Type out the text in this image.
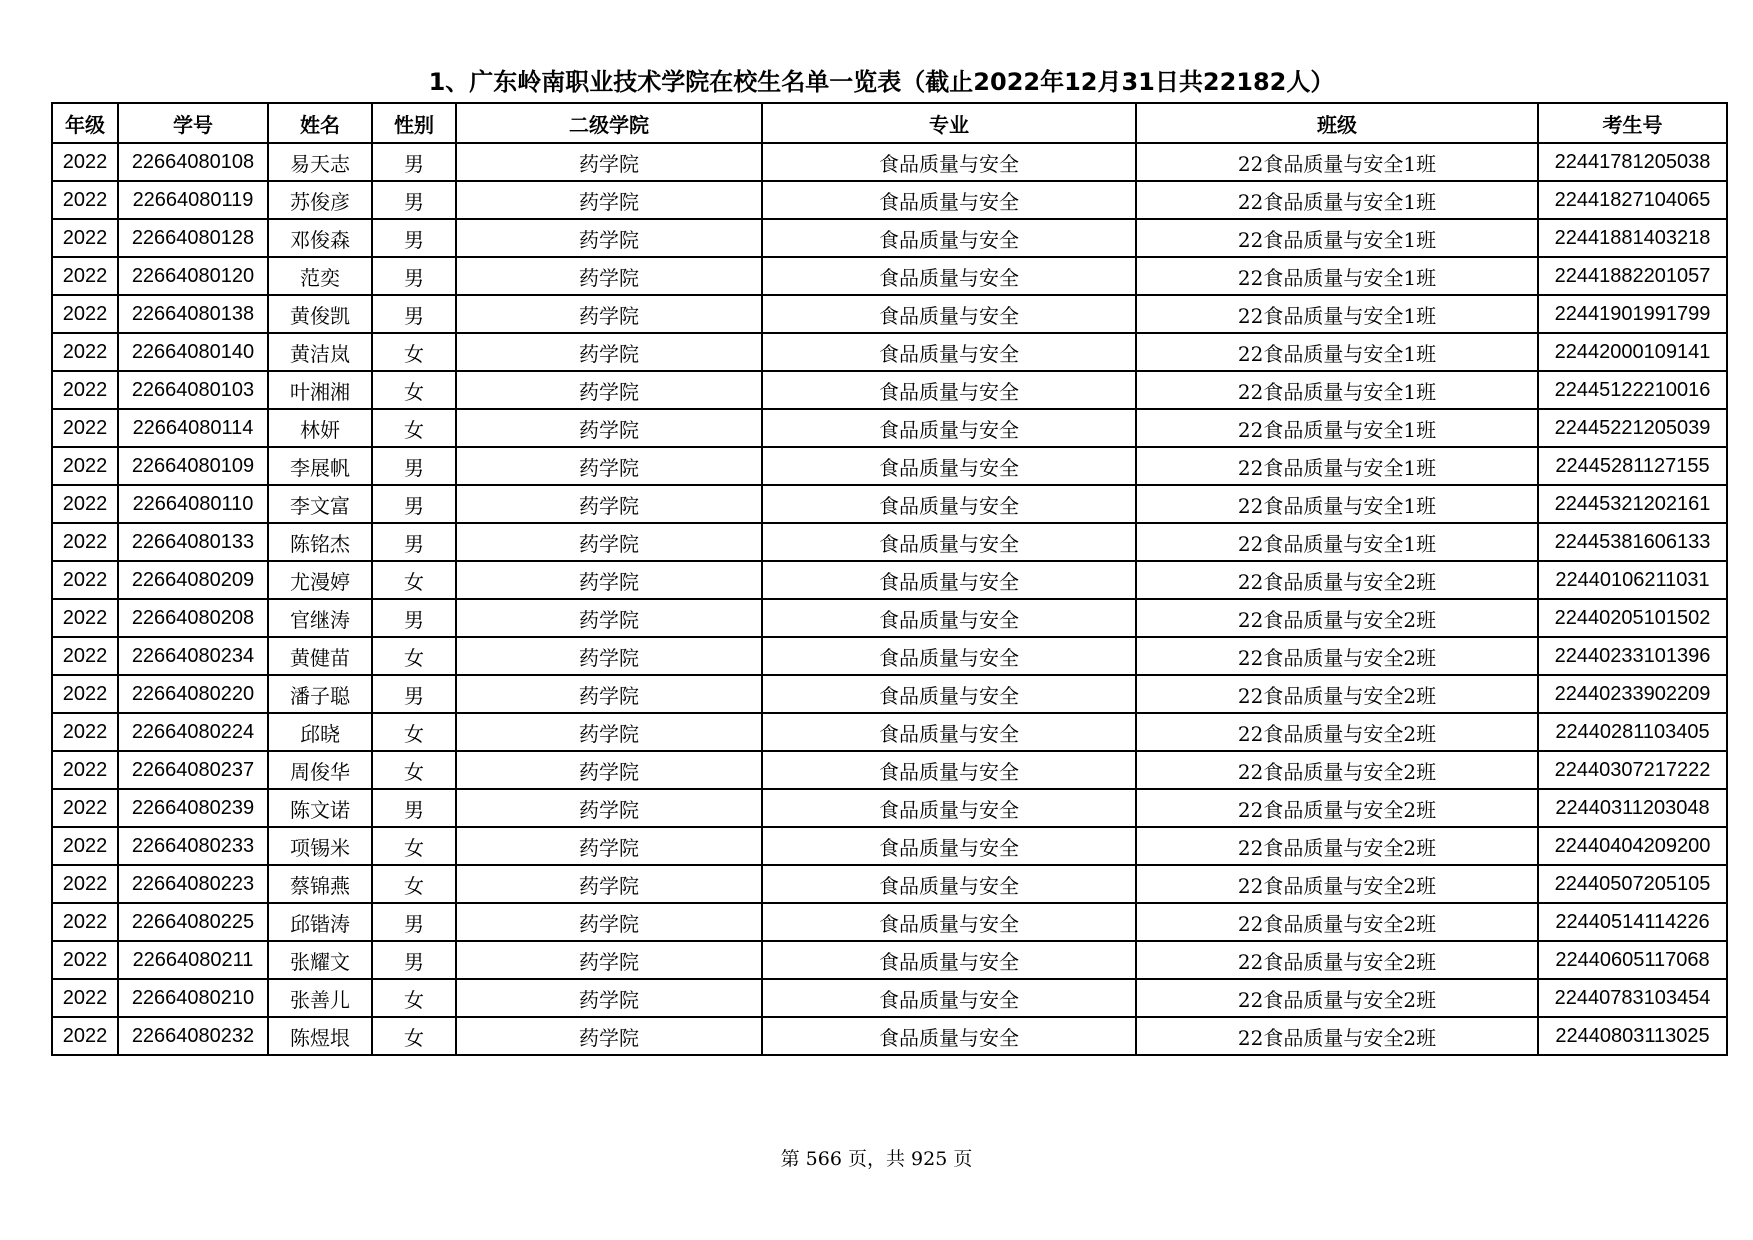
1、广东岭南职业技术学院在校生名单一览表（截止2022年12月31日共22182人）
年级	学号	姓名	性别	二级学院	专业	班级	考生号
2022	22664080108	易天志	男	药学院	食品质量与安全	22食品质量与安全1班	22441781205038
2022	22664080119	苏俊彦	男	药学院	食品质量与安全	22食品质量与安全1班	22441827104065
2022	22664080128	邓俊森	男	药学院	食品质量与安全	22食品质量与安全1班	22441881403218
2022	22664080120	范奕	男	药学院	食品质量与安全	22食品质量与安全1班	22441882201057
2022	22664080138	黄俊凯	男	药学院	食品质量与安全	22食品质量与安全1班	22441901991799
2022	22664080140	黄洁岚	女	药学院	食品质量与安全	22食品质量与安全1班	22442000109141
2022	22664080103	叶湘湘	女	药学院	食品质量与安全	22食品质量与安全1班	22445122210016
2022	22664080114	林妍	女	药学院	食品质量与安全	22食品质量与安全1班	22445221205039
2022	22664080109	李展帆	男	药学院	食品质量与安全	22食品质量与安全1班	22445281127155
2022	22664080110	李文富	男	药学院	食品质量与安全	22食品质量与安全1班	22445321202161
2022	22664080133	陈铭杰	男	药学院	食品质量与安全	22食品质量与安全1班	22445381606133
2022	22664080209	尤漫婷	女	药学院	食品质量与安全	22食品质量与安全2班	22440106211031
2022	22664080208	官继涛	男	药学院	食品质量与安全	22食品质量与安全2班	22440205101502
2022	22664080234	黄健苗	女	药学院	食品质量与安全	22食品质量与安全2班	22440233101396
2022	22664080220	潘子聪	男	药学院	食品质量与安全	22食品质量与安全2班	22440233902209
2022	22664080224	邱晓	女	药学院	食品质量与安全	22食品质量与安全2班	22440281103405
2022	22664080237	周俊华	女	药学院	食品质量与安全	22食品质量与安全2班	22440307217222
2022	22664080239	陈文诺	男	药学院	食品质量与安全	22食品质量与安全2班	22440311203048
2022	22664080233	项锡米	女	药学院	食品质量与安全	22食品质量与安全2班	22440404209200
2022	22664080223	蔡锦燕	女	药学院	食品质量与安全	22食品质量与安全2班	22440507205105
2022	22664080225	邱锴涛	男	药学院	食品质量与安全	22食品质量与安全2班	22440514114226
2022	22664080211	张耀文	男	药学院	食品质量与安全	22食品质量与安全2班	22440605117068
2022	22664080210	张善儿	女	药学院	食品质量与安全	22食品质量与安全2班	22440783103454
2022	22664080232	陈煜垠	女	药学院	食品质量与安全	22食品质量与安全2班	22440803113025
第 566 页，共 925 页
